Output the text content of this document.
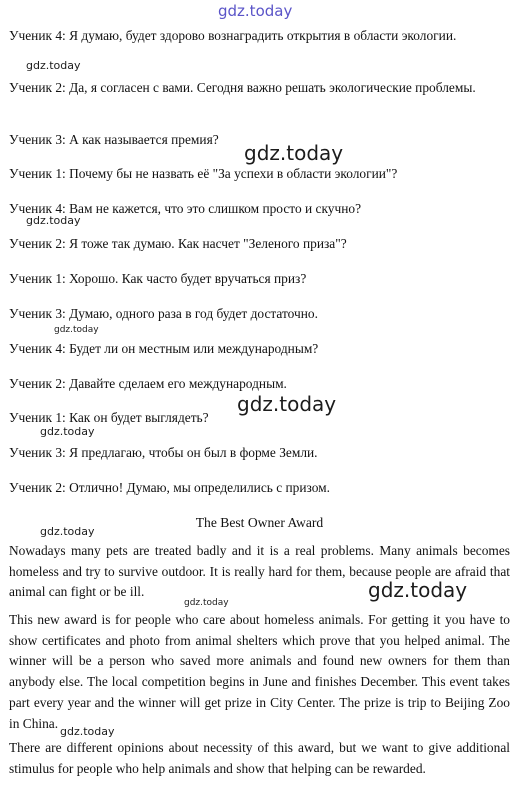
gdz.today
gdz.today
gdz.today
gdz.today
gdz.today
gdz.today
gdz.today
gdz.today
gdz.today
gdz.today
gdz.today
Ученик 4: Я думаю, будет здорово вознаградить открытия в области экологии.
Ученик 2: Да, я согласен с вами. Сегодня важно решать экологические проблемы.
Ученик 3: А как называется премия?
Ученик 1: Почему бы не назвать её "За успехи в области экологии"?
Ученик 4: Вам не кажется, что это слишком просто и скучно?
Ученик 2: Я тоже так думаю. Как насчет "Зеленого приза"?
Ученик 1: Хорошо. Как часто будет вручаться приз?
Ученик 3: Думаю, одного раза в год будет достаточно.
Ученик 4: Будет ли он местным или международным?
Ученик 2: Давайте сделаем его международным.
Ученик 1: Как он будет выглядеть?
Ученик 3: Я предлагаю, чтобы он был в форме Земли.
Ученик 2: Отлично! Думаю, мы определились с призом.
The Best Owner Award
Nowadays many pets are treated badly and it is a real problems. Many animals becomes homeless and try to survive outdoor. It is really hard for them, because people are afraid that animal can fight or be ill.
This new award is for people who care about homeless animals. For getting it you have to show certificates and photo from animal shelters which prove that you helped animal. The winner will be a person who saved more animals and found new owners for them than anybody else. The local competition begins in June and finishes December. This event takes part every year and the winner will get prize in City Center. The prize is trip to Beijing Zoo in China.
There are different opinions about necessity of this award, but we want to give additional stimulus for people who help animals and show that helping can be rewarded.
